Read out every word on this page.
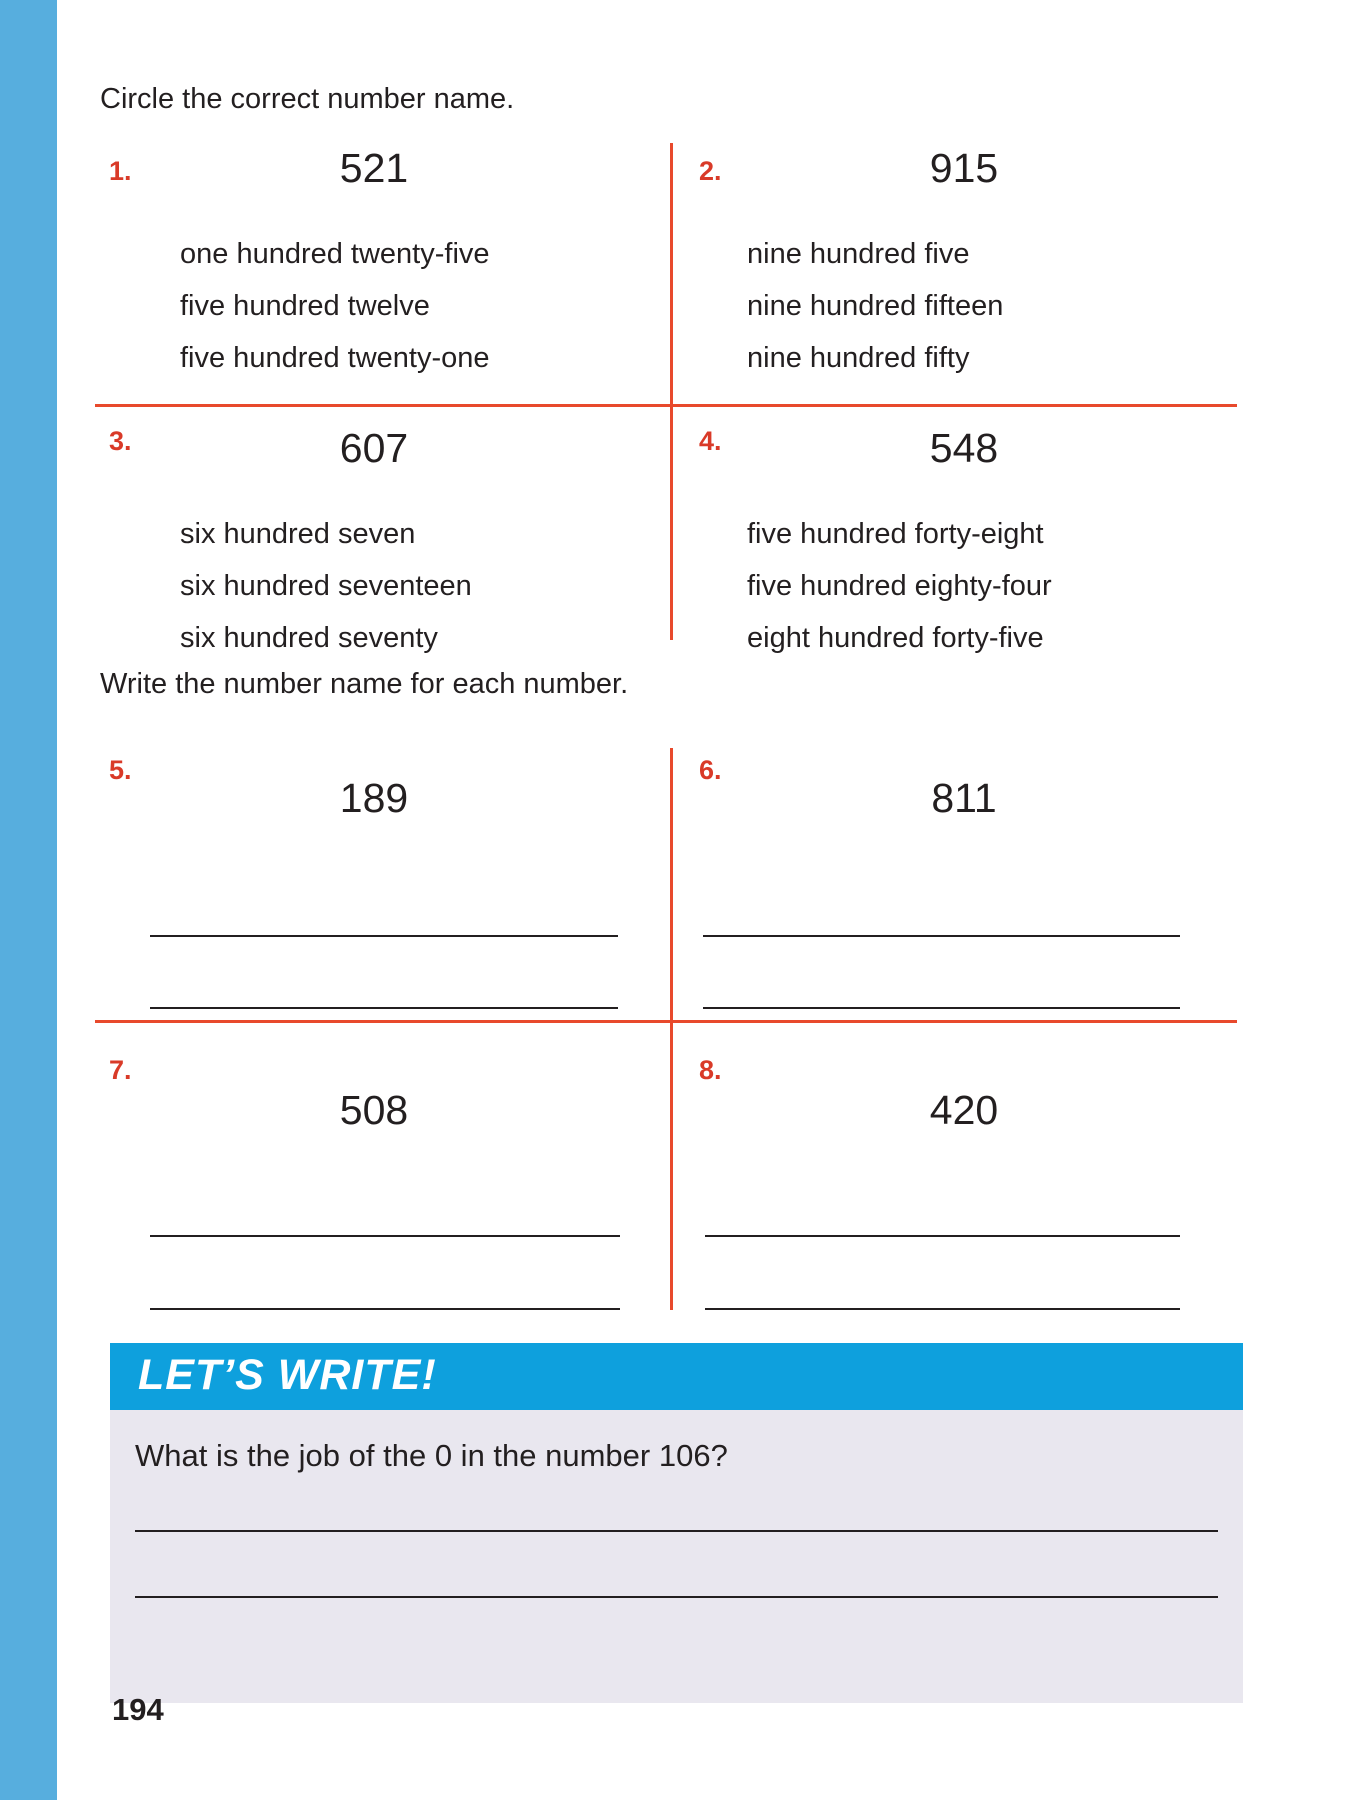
Circle the correct number name.
1.	521
one hundred twenty-five
five hundred twelve
five hundred twenty-one
2.	915
nine hundred five
nine hundred fifteen
nine hundred fifty
3.	607
six hundred seven
six hundred seventeen
six hundred seventy
4.	548
five hundred forty-eight
five hundred eighty-four
eight hundred forty-five
Write the number name for each number.
5.
189
6.
811
7.
508
8.
420
LET’S WRITE!
What is the job of the 0 in the number 106?
194
